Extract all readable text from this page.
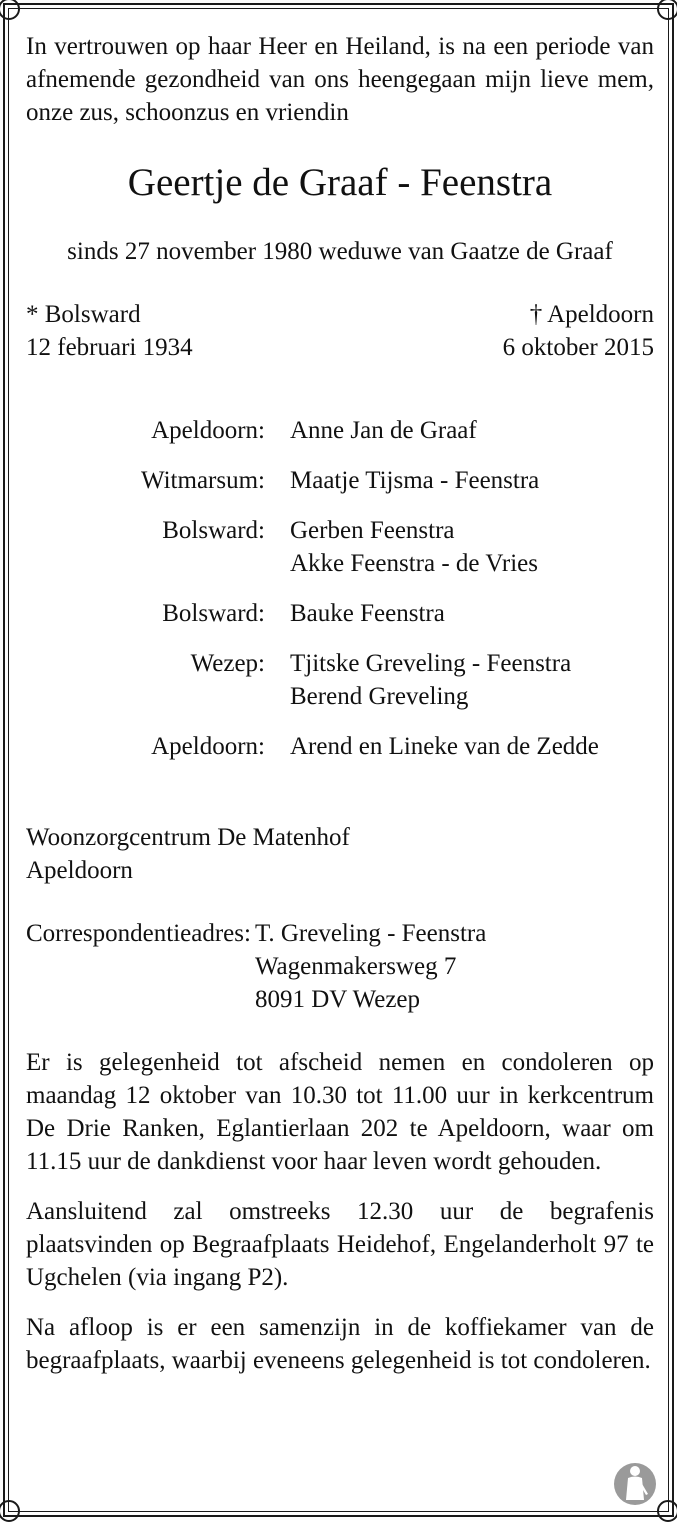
In vertrouwen op haar Heer en Heiland, is na een periode van afnemende gezondheid van ons heengegaan mijn lieve mem, onze zus, schoonzus en vriendin

Geertje de Graaf - Feenstra

sinds 27 november 1980 weduwe van Gaatze de Graaf

* Bolsward
12 februari 1934
† Apeldoorn
6 oktober 2015
Apeldoorn:	Anne Jan de Graaf
Witmarsum:	Maatje Tijsma - Feenstra
Bolsward:	Gerben Feenstra
Akke Feenstra - de Vries
Bolsward:	Bauke Feenstra
Wezep:	Tjitske Greveling - Feenstra
Berend Greveling
Apeldoorn:	Arend en Lineke van de Zedde
Woonzorgcentrum De Matenhof
Apeldoorn
Correspondentieadres: T. Greveling - Feenstra
Wagenmakersweg 7
8091 DV Wezep

Er is gelegenheid tot afscheid nemen en condoleren op maandag 12 oktober van 10.30 tot 11.00 uur in kerkcentrum De Drie Ranken, Eglantierlaan 202 te Apeldoorn, waar om 11.15 uur de dankdienst voor haar leven wordt gehouden.

Aansluitend zal omstreeks 12.30 uur de begrafenis plaatsvinden op Begraafplaats Heidehof, Engelanderholt 97 te Ugchelen (via ingang P2).

Na afloop is er een samenzijn in de koffiekamer van de begraafplaats, waarbij eveneens gelegenheid is tot condoleren.
